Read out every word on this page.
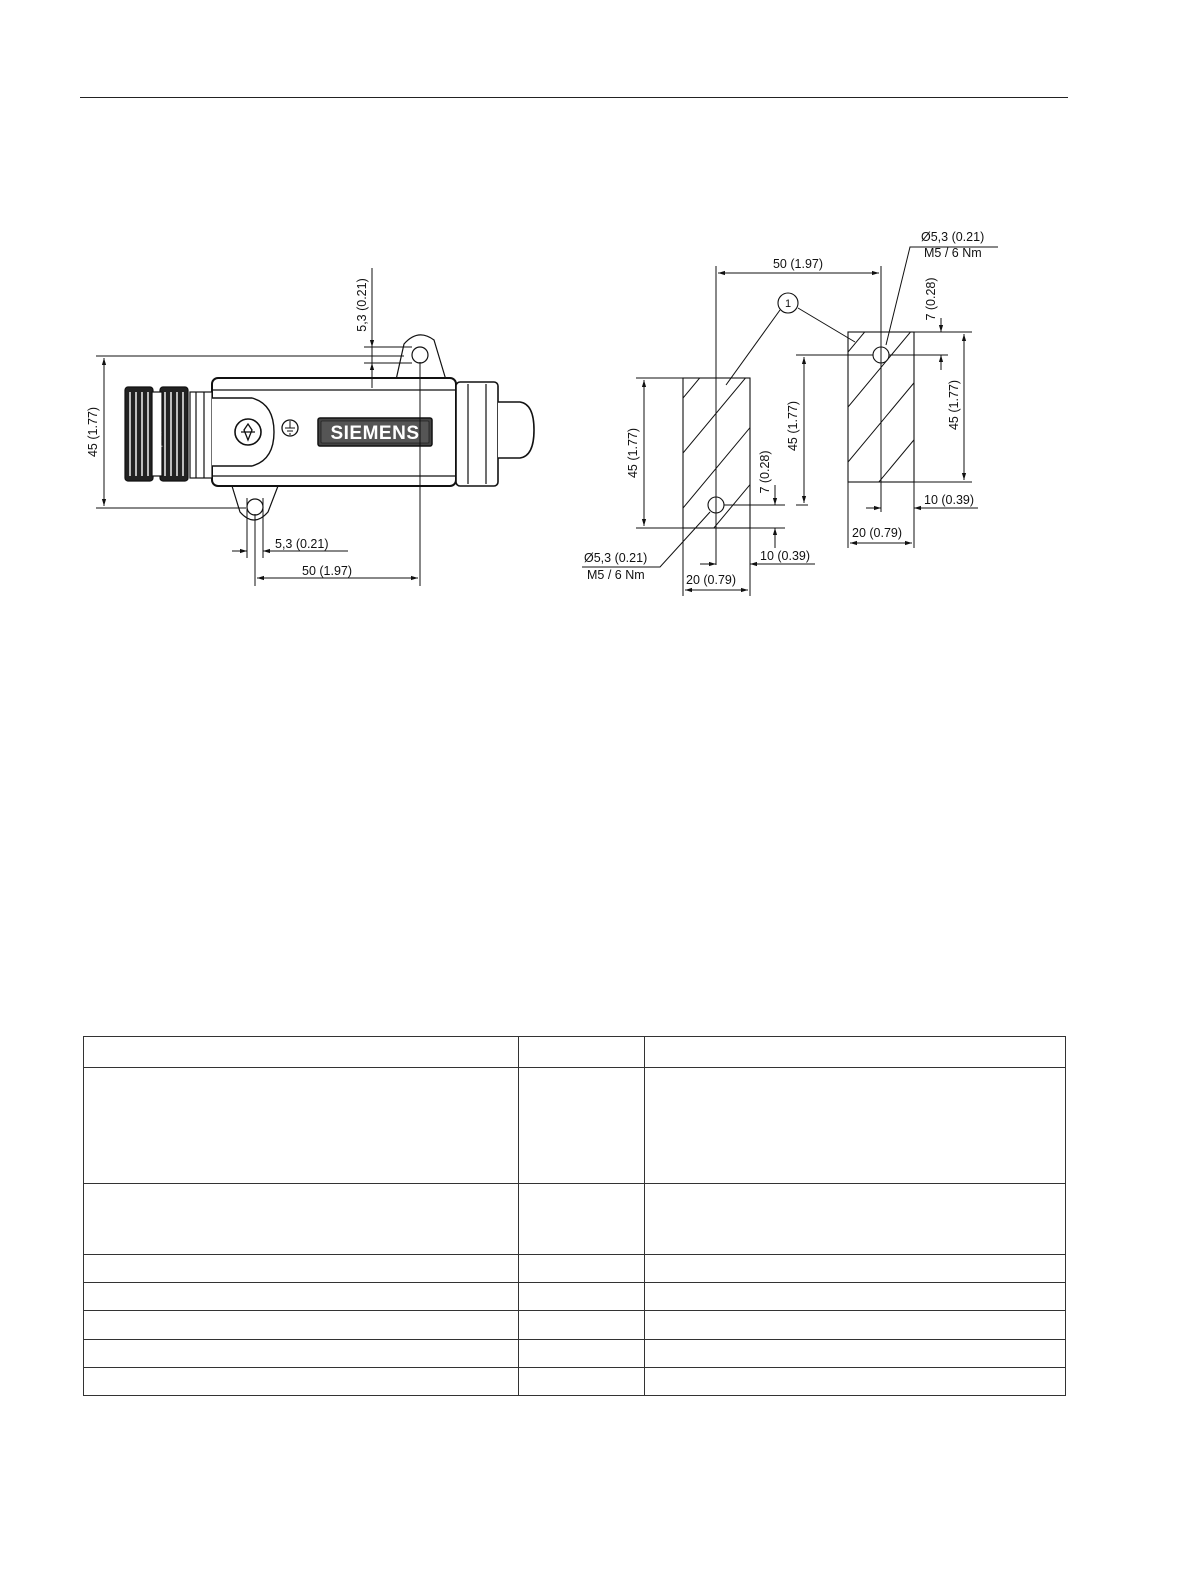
45 (1.77)
5,3 (0.21)
5,3 (0.21)
50 (1.97)
SIEMENS
open ◁ ▷ close
50 (1.97)
1
Ø5,3 (0.21)
M5 / 6 Nm
Ø5,3 (0.21)
M5 / 6 Nm
45 (1.77)	7 (0.28)
45 (1.77)	45 (1.77)
7 (0.28)
20 (0.79)
10 (0.39)
20 (0.79)
10 (0.39)
